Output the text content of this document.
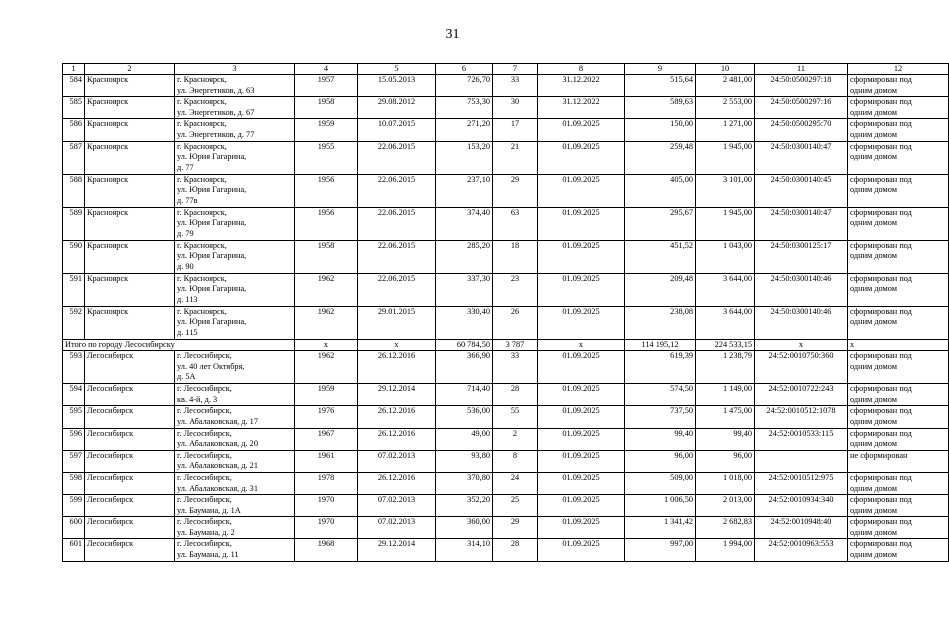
31
1	2	3	4	5	6	7	8	9	10	11	12
584	Красноярск	г. Красноярск,
ул. Энергетиков, д. 63	1957	15.05.2013	726,70	33	31.12.2022	515,64	2 481,00	24:50:0500297:18	сформирован под
одним домом
585	Красноярск	г. Красноярск,
ул. Энергетиков, д. 67	1958	29.08.2012	753,30	30	31.12.2022	589,63	2 553,00	24:50:0500297:16	сформирован под
одним домом
586	Красноярск	г. Красноярск,
ул. Энергетиков, д. 77	1959	10.07.2015	271,20	17	01.09.2025	150,00	1 271,00	24:50:0500295:70	сформирован под
одним домом
587	Красноярск	г. Красноярск,
ул. Юрия Гагарина,
д. 77	1955	22.06.2015	153,20	21	01.09.2025	259,48	1 945,00	24:50:0300140:47	сформирован под
одним домом
588	Красноярск	г. Красноярск,
ул. Юрия Гагарина,
д. 77в	1956	22.06.2015	237,10	29	01.09.2025	405,00	3 101,00	24:50:0300140:45	сформирован под
одним домом
589	Красноярск	г. Красноярск,
ул. Юрия Гагарина,
д. 79	1956	22.06.2015	374,40	63	01.09.2025	295,67	1 945,00	24:50:0300140:47	сформирован под
одним домом
590	Красноярск	г. Красноярск,
ул. Юрия Гагарина,
д. 90	1958	22.06.2015	285,20	18	01.09.2025	451,52	1 043,00	24:50:0300125:17	сформирован под
одним домом
591	Красноярск	г. Красноярск,
ул. Юрия Гагарина,
д. 113	1962	22.06.2015	337,30	23	01.09.2025	209,48	3 644,00	24:50:0300140:46	сформирован под
одним домом
592	Красноярск	г. Красноярск,
ул. Юрия Гагарина,
д. 115	1962	29.01.2015	330,40	26	01.09.2025	238,08	3 644,00	24:50:0300140:46	сформирован под
одним домом
Итого по городу Лесосибирску			х	х	60 784,50	3 787	х	114 195,12	224 533,15	х	х
593	Лесосибирск	г. Лесосибирск,
ул. 40 лет Октября,
д. 5А	1962	26.12.2016	366,90	33	01.09.2025	619,39	1 238,79	24:52:0010750:360	сформирован под
одним домом
594	Лесосибирск	г. Лесосибирск,
кв. 4-й, д. 3	1959	29.12.2014	714,40	28	01.09.2025	574,50	1 149,00	24:52:0010722:243	сформирован под
одним домом
595	Лесосибирск	г. Лесосибирск,
ул. Абалаковская, д. 17	1976	26.12.2016	536,00	55	01.09.2025	737,50	1 475,00	24:52:0010512:1078	сформирован под
одним домом
596	Лесосибирск	г. Лесосибирск,
ул. Абалаковская, д. 20	1967	26.12.2016	49,00	2	01.09.2025	99,40	99,40	24:52:0010533:115	сформирован под
одним домом
597	Лесосибирск	г. Лесосибирск,
ул. Абалаковская, д. 21	1961	07.02.2013	93,80	8	01.09.2025	96,00	96,00		не сформирован
598	Лесосибирск	г. Лесосибирск,
ул. Абалаковская, д. 31	1978	26.12.2016	370,80	24	01.09.2025	509,00	1 018,00	24:52:0010512:975	сформирован под
одним домом
599	Лесосибирск	г. Лесосибирск,
ул. Баумана, д. 1А	1970	07.02.2013	352,20	25	01.09.2025	1 006,50	2 013,00	24:52:0010934:340	сформирован под
одним домом
600	Лесосибирск	г. Лесосибирск,
ул. Баумана, д. 2	1970	07.02.2013	360,00	29	01.09.2025	1 341,42	2 682,83	24:52:0010948:40	сформирован под
одним домом
601	Лесосибирск	г. Лесосибирск,
ул. Баумана, д. 11	1968	29.12.2014	314,10	28	01.09.2025	997,00	1 994,00	24:52:0010963:553	сформирован под
одним домом
